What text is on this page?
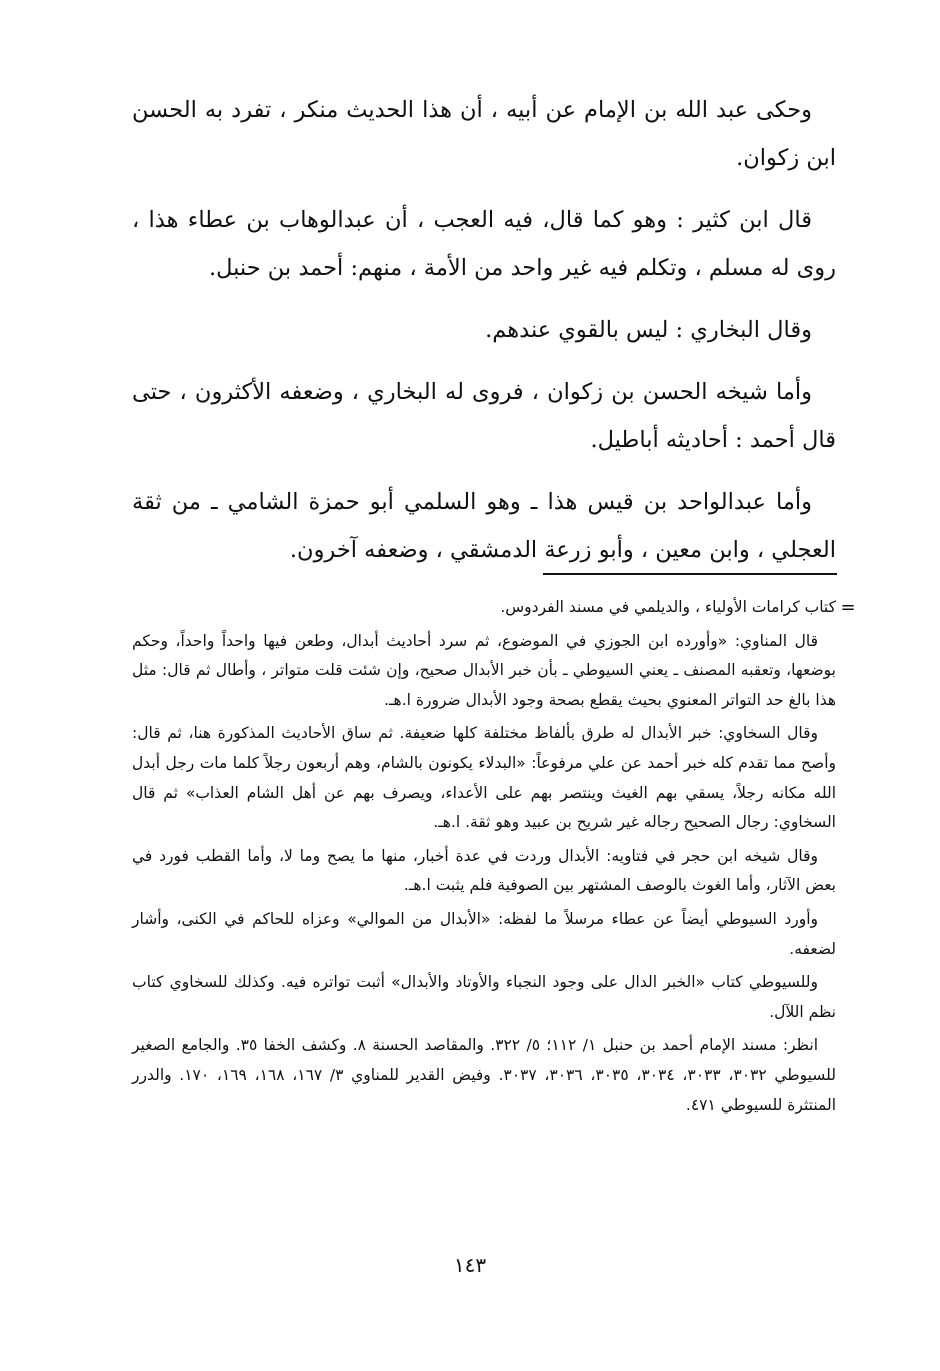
وحكى عبد الله بن الإمام عن أبيه ، أن هذا الحديث منكر ، تفرد به الحسن ابن زكوان.

قال ابن كثير : وهو كما قال، فيه العجب ، أن عبدالوهاب بن عطاء هذا ، روى له مسلم ، وتكلم فيه غير واحد من الأمة ، منهم: أحمد بن حنبل.

وقال البخاري : ليس بالقوي عندهم.

وأما شيخه الحسن بن زكوان ، فروى له البخاري ، وضعفه الأكثرون ، حتى قال أحمد : أحاديثه أباطيل.

وأما عبدالواحد بن قيس هذا ـ وهو السلمي أبو حمزة الشامي ـ من ثقة العجلي ، وابن معين ، وأبو زرعة الدمشقي ، وضعفه آخرون.

=

كتاب كرامات الأولياء ، والديلمي في مسند الفردوس.

قال المناوي: «وأورده ابن الجوزي في الموضوع، ثم سرد أحاديث أبدال، وطعن فيها واحداً واحداً، وحكم بوضعها، وتعقبه المصنف ـ يعني السيوطي ـ بأن خبر الأبدال صحيح، وإن شئت قلت متواتر ، وأطال ثم قال: مثل هذا بالغ حد التواتر المعنوي بحيث يقطع بصحة وجود الأبدال ضرورة ا.هـ.

وقال السخاوي: خبر الأبدال له طرق بألفاظ مختلفة كلها ضعيفة. ثم ساق الأحاديث المذكورة هنا، ثم قال: وأصح مما تقدم كله خبر أحمد عن علي مرفوعاً: «البدلاء يكونون بالشام، وهم أربعون رجلاً كلما مات رجل أبدل الله مكانه رجلاً، يسقي بهم الغيث وينتصر بهم على الأعداء، ويصرف بهم عن أهل الشام العذاب» ثم قال السخاوي: رجال الصحيح رجاله غير شريح بن عبيد وهو ثقة. ا.هـ.

وقال شيخه ابن حجر في فتاويه: الأبدال وردت في عدة أخبار، منها ما يصح وما لا، وأما القطب فورد في بعض الآثار، وأما الغوث بالوصف المشتهر بين الصوفية فلم يثبت ا.هـ.

وأورد السيوطي أيضاً عن عطاء مرسلاً ما لفظه: «الأبدال من الموالي» وعزاه للحاكم في الكنى، وأشار لضعفه.

وللسيوطي كتاب «الخبر الدال على وجود النجباء والأوتاد والأبدال» أثبت تواتره فيه. وكذلك للسخاوي كتاب نظم اللآل.

انظر: مسند الإمام أحمد بن حنبل ١/ ١١٢؛ ٥/ ٣٢٢. والمقاصد الحسنة ٨. وكشف الخفا ٣٥. والجامع الصغير للسيوطي ٣٠٣٢، ٣٠٣٣، ٣٠٣٤، ٣٠٣٥، ٣٠٣٦، ٣٠٣٧. وفيض القدير للمناوي ٣/ ١٦٧، ١٦٨، ١٦٩، ١٧٠. والدرر المنتثرة للسيوطي ٤٧١.

١٤٣
